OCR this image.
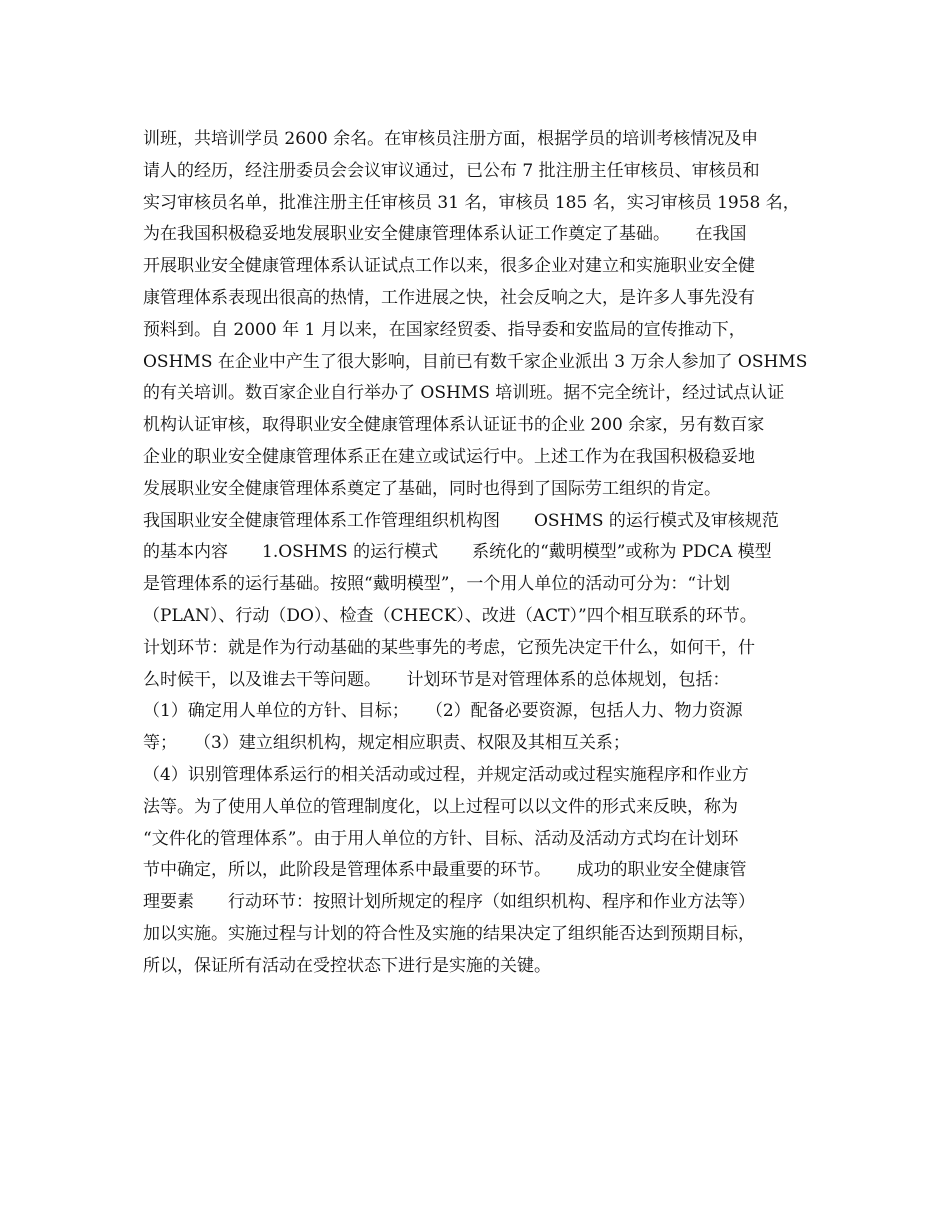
训班，共培训学员 2600 余名。在审核员注册方面，根据学员的培训考核情况及申
请人的经历，经注册委员会会议审议通过，已公布 7 批注册主任审核员、审核员和
实习审核员名单，批准注册主任审核员 31 名，审核员 185 名，实习审核员 1958 名，
为在我国积极稳妥地发展职业安全健康管理体系认证工作奠定了基础。　　在我国
开展职业安全健康管理体系认证试点工作以来，很多企业对建立和实施职业安全健
康管理体系表现出很高的热情，工作进展之快，社会反响之大，是许多人事先没有
预料到。自 2000 年 1 月以来，在国家经贸委、指导委和安监局的宣传推动下，
OSHMS 在企业中产生了很大影响，目前已有数千家企业派出 3 万余人参加了 OSHMS
的有关培训。数百家企业自行举办了 OSHMS 培训班。据不完全统计，经过试点认证
机构认证审核，取得职业安全健康管理体系认证证书的企业 200 余家，另有数百家
企业的职业安全健康管理体系正在建立或试运行中。上述工作为在我国积极稳妥地
发展职业安全健康管理体系奠定了基础，同时也得到了国际劳工组织的肯定。
我国职业安全健康管理体系工作管理组织机构图　　OSHMS 的运行模式及审核规范
的基本内容　　1.OSHMS 的运行模式　　系统化的“戴明模型”或称为 PDCA 模型
是管理体系的运行基础。按照“戴明模型”，一个用人单位的活动可分为：“计划
（PLAN）、行动（DO）、检查（CHECK）、改进（ACT）”四个相互联系的环节。
计划环节：就是作为行动基础的某些事先的考虑，它预先决定干什么，如何干，什
么时候干，以及谁去干等问题。　　计划环节是对管理体系的总体规划，包括：
（1）确定用人单位的方针、目标；　　（2）配备必要资源，包括人力、物力资源
等；　　（3）建立组织机构，规定相应职责、权限及其相互关系；
（4）识别管理体系运行的相关活动或过程，并规定活动或过程实施程序和作业方
法等。为了使用人单位的管理制度化，以上过程可以以文件的形式来反映，称为
“文件化的管理体系”。由于用人单位的方针、目标、活动及活动方式均在计划环
节中确定，所以，此阶段是管理体系中最重要的环节。　　成功的职业安全健康管
理要素　　行动环节：按照计划所规定的程序（如组织机构、程序和作业方法等）
加以实施。实施过程与计划的符合性及实施的结果决定了组织能否达到预期目标，
所以，保证所有活动在受控状态下进行是实施的关键。
